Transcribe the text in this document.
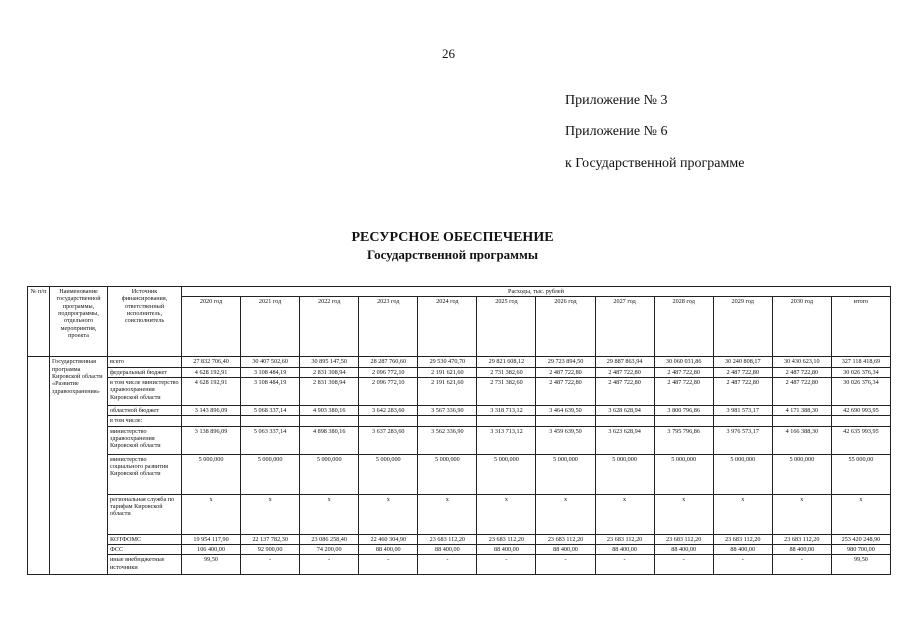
26
Приложение № 3
Приложение № 6
к Государственной программе
РЕСУРСНОЕ ОБЕСПЕЧЕНИЕ
Государственной программы
№ п/п	Наименование государственной программы, подпрограммы, отдельного мероприятия, проекта	Источник финансирования, ответственный исполнитель, соисполнитель	Расходы, тыс. рублей											
			2020 год	2021 год	2022 год	2023 год	2024 год	2025 год	2026 год	2027 год	2028 год	2029 год	2030 год	итого
	Государственная программа Кировской области «Развитие здравоохранения»	всего	27 832 706,40	30 407 502,60	30 895 147,50	28 287 760,60	29 530 470,70	29 821 608,12	29 723 894,50	29 887 863,94	30 060 031,86	30 240 808,17	30 430 623,10	327 118 418,69
		федеральный бюджет	4 628 192,91	3 108 484,19	2 831 308,94	2 096 772,10	2 191 621,60	2 731 382,60	2 487 722,80	2 487 722,80	2 487 722,80	2 487 722,80	2 487 722,80	30 026 376,34
		в том числе министерство здравоохранения Кировской области	4 628 192,91	3 108 484,19	2 831 308,94	2 096 772,10	2 191 621,60	2 731 382,60	2 487 722,80	2 487 722,80	2 487 722,80	2 487 722,80	2 487 722,80	30 026 376,34
		областной бюджет	3 143 896,09	5 068 337,14	4 903 380,16	3 642 283,60	3 567 336,90	3 318 713,12	3 464 639,50	3 628 628,94	3 800 796,86	3 981 573,17	4 171 388,30	42 690 993,95
		в том числе:												
		министерство здравоохранения Кировской области	3 138 896,09	5 063 337,14	4 898 380,16	3 637 283,60	3 562 336,90	3 313 713,12	3 459 639,50	3 623 628,94	3 795 796,86	3 976 573,17	4 166 388,30	42 635 993,95
		министерство социального развития Кировской области	5 000,000	5 000,000	5 000,000	5 000,000	5 000,000	5 000,000	5 000,000	5 000,000	5 000,000	5 000,000	5 000,000	55 000,00
		региональная служба по тарифам Кировской области	x	x	x	x	x	x	x	x	x	x	x	x
		КОТФОМС	19 954 117,90	22 137 782,30	23 086 258,40	22 460 304,90	23 683 112,20	23 683 112,20	23 683 112,20	23 683 112,20	23 683 112,20	23 683 112,20	23 683 112,20	253 420 248,90
		ФСС	106 400,00	92 900,00	74 200,00	88 400,00	88 400,00	88 400,00	88 400,00	88 400,00	88 400,00	88 400,00	88 400,00	980 700,00
		иные внебюджетные источники	99,50	-	-	-	-	-	-	-	-	-	-	99,50
